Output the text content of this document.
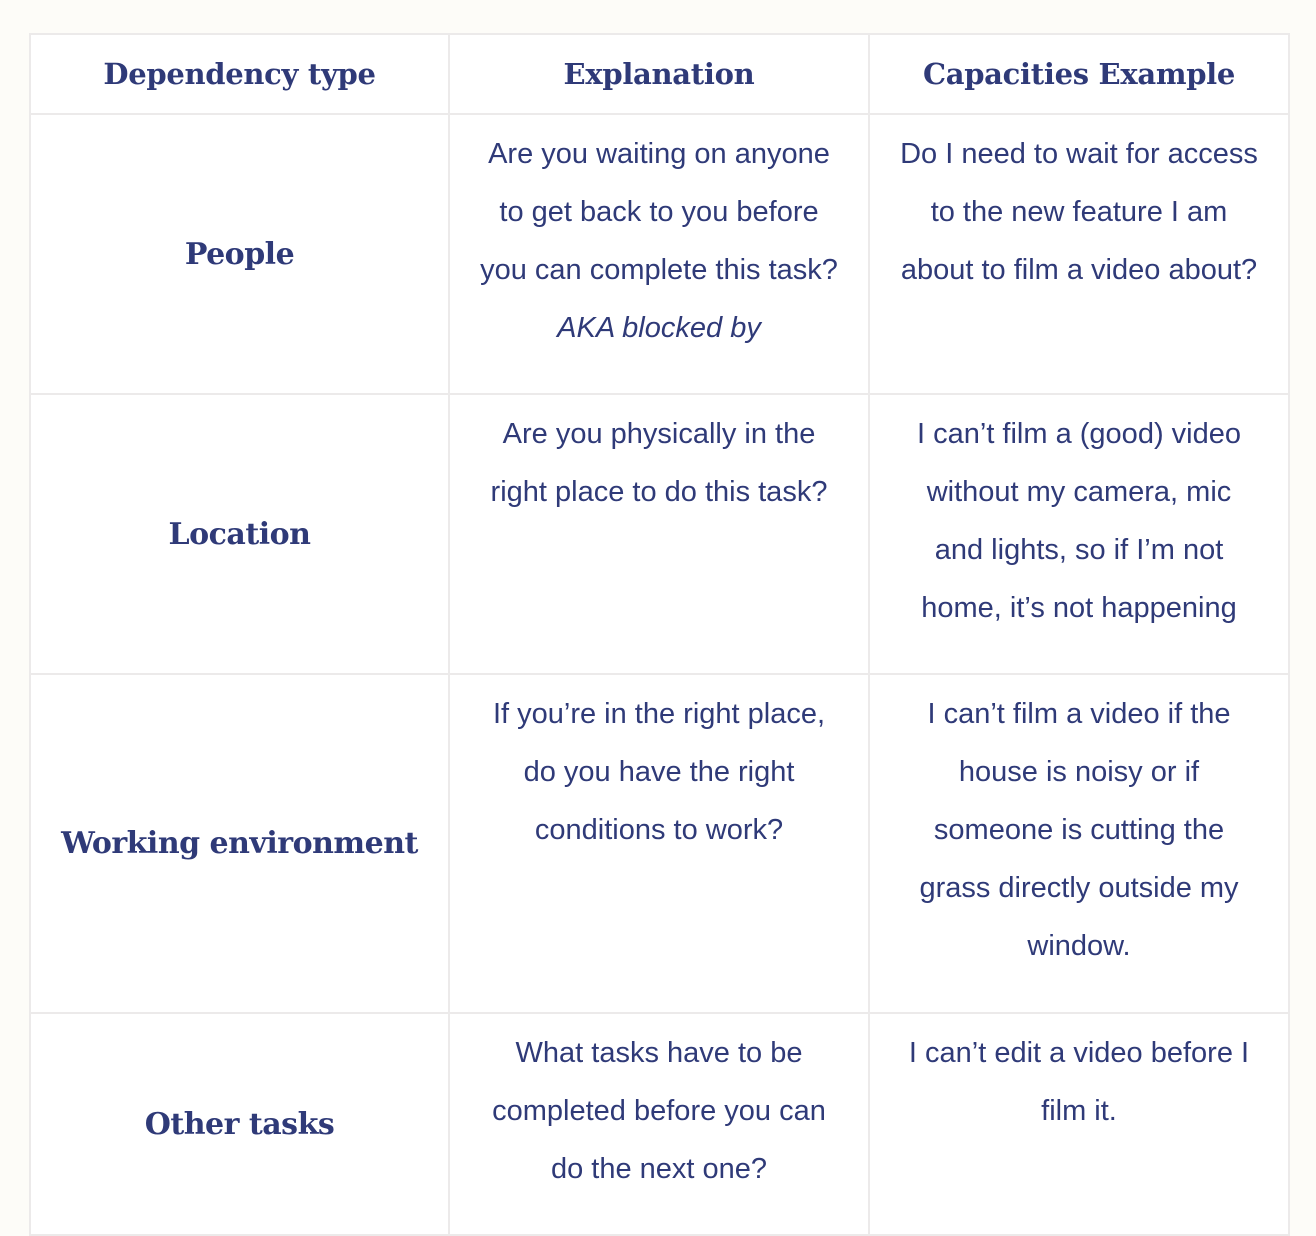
Dependency type	Explanation	Capacities Example
People	Are you waiting on anyone
to get back to you before
you can complete this task?
AKA blocked by	Do I need to wait for access
to the new feature I am
about to film a video about?

Location	Are you physically in the
right place to do this task?	I can’t film a (good) video
without my camera, mic
and lights, so if I’m not
home, it’s not happening

Working environment	If you’re in the right place,
do you have the right
conditions to work?	I can’t film a video if the
house is noisy or if
someone is cutting the
grass directly outside my
window.

Other tasks	What tasks have to be
completed before you can
do the next one?	I can’t edit a video before I
film it.
